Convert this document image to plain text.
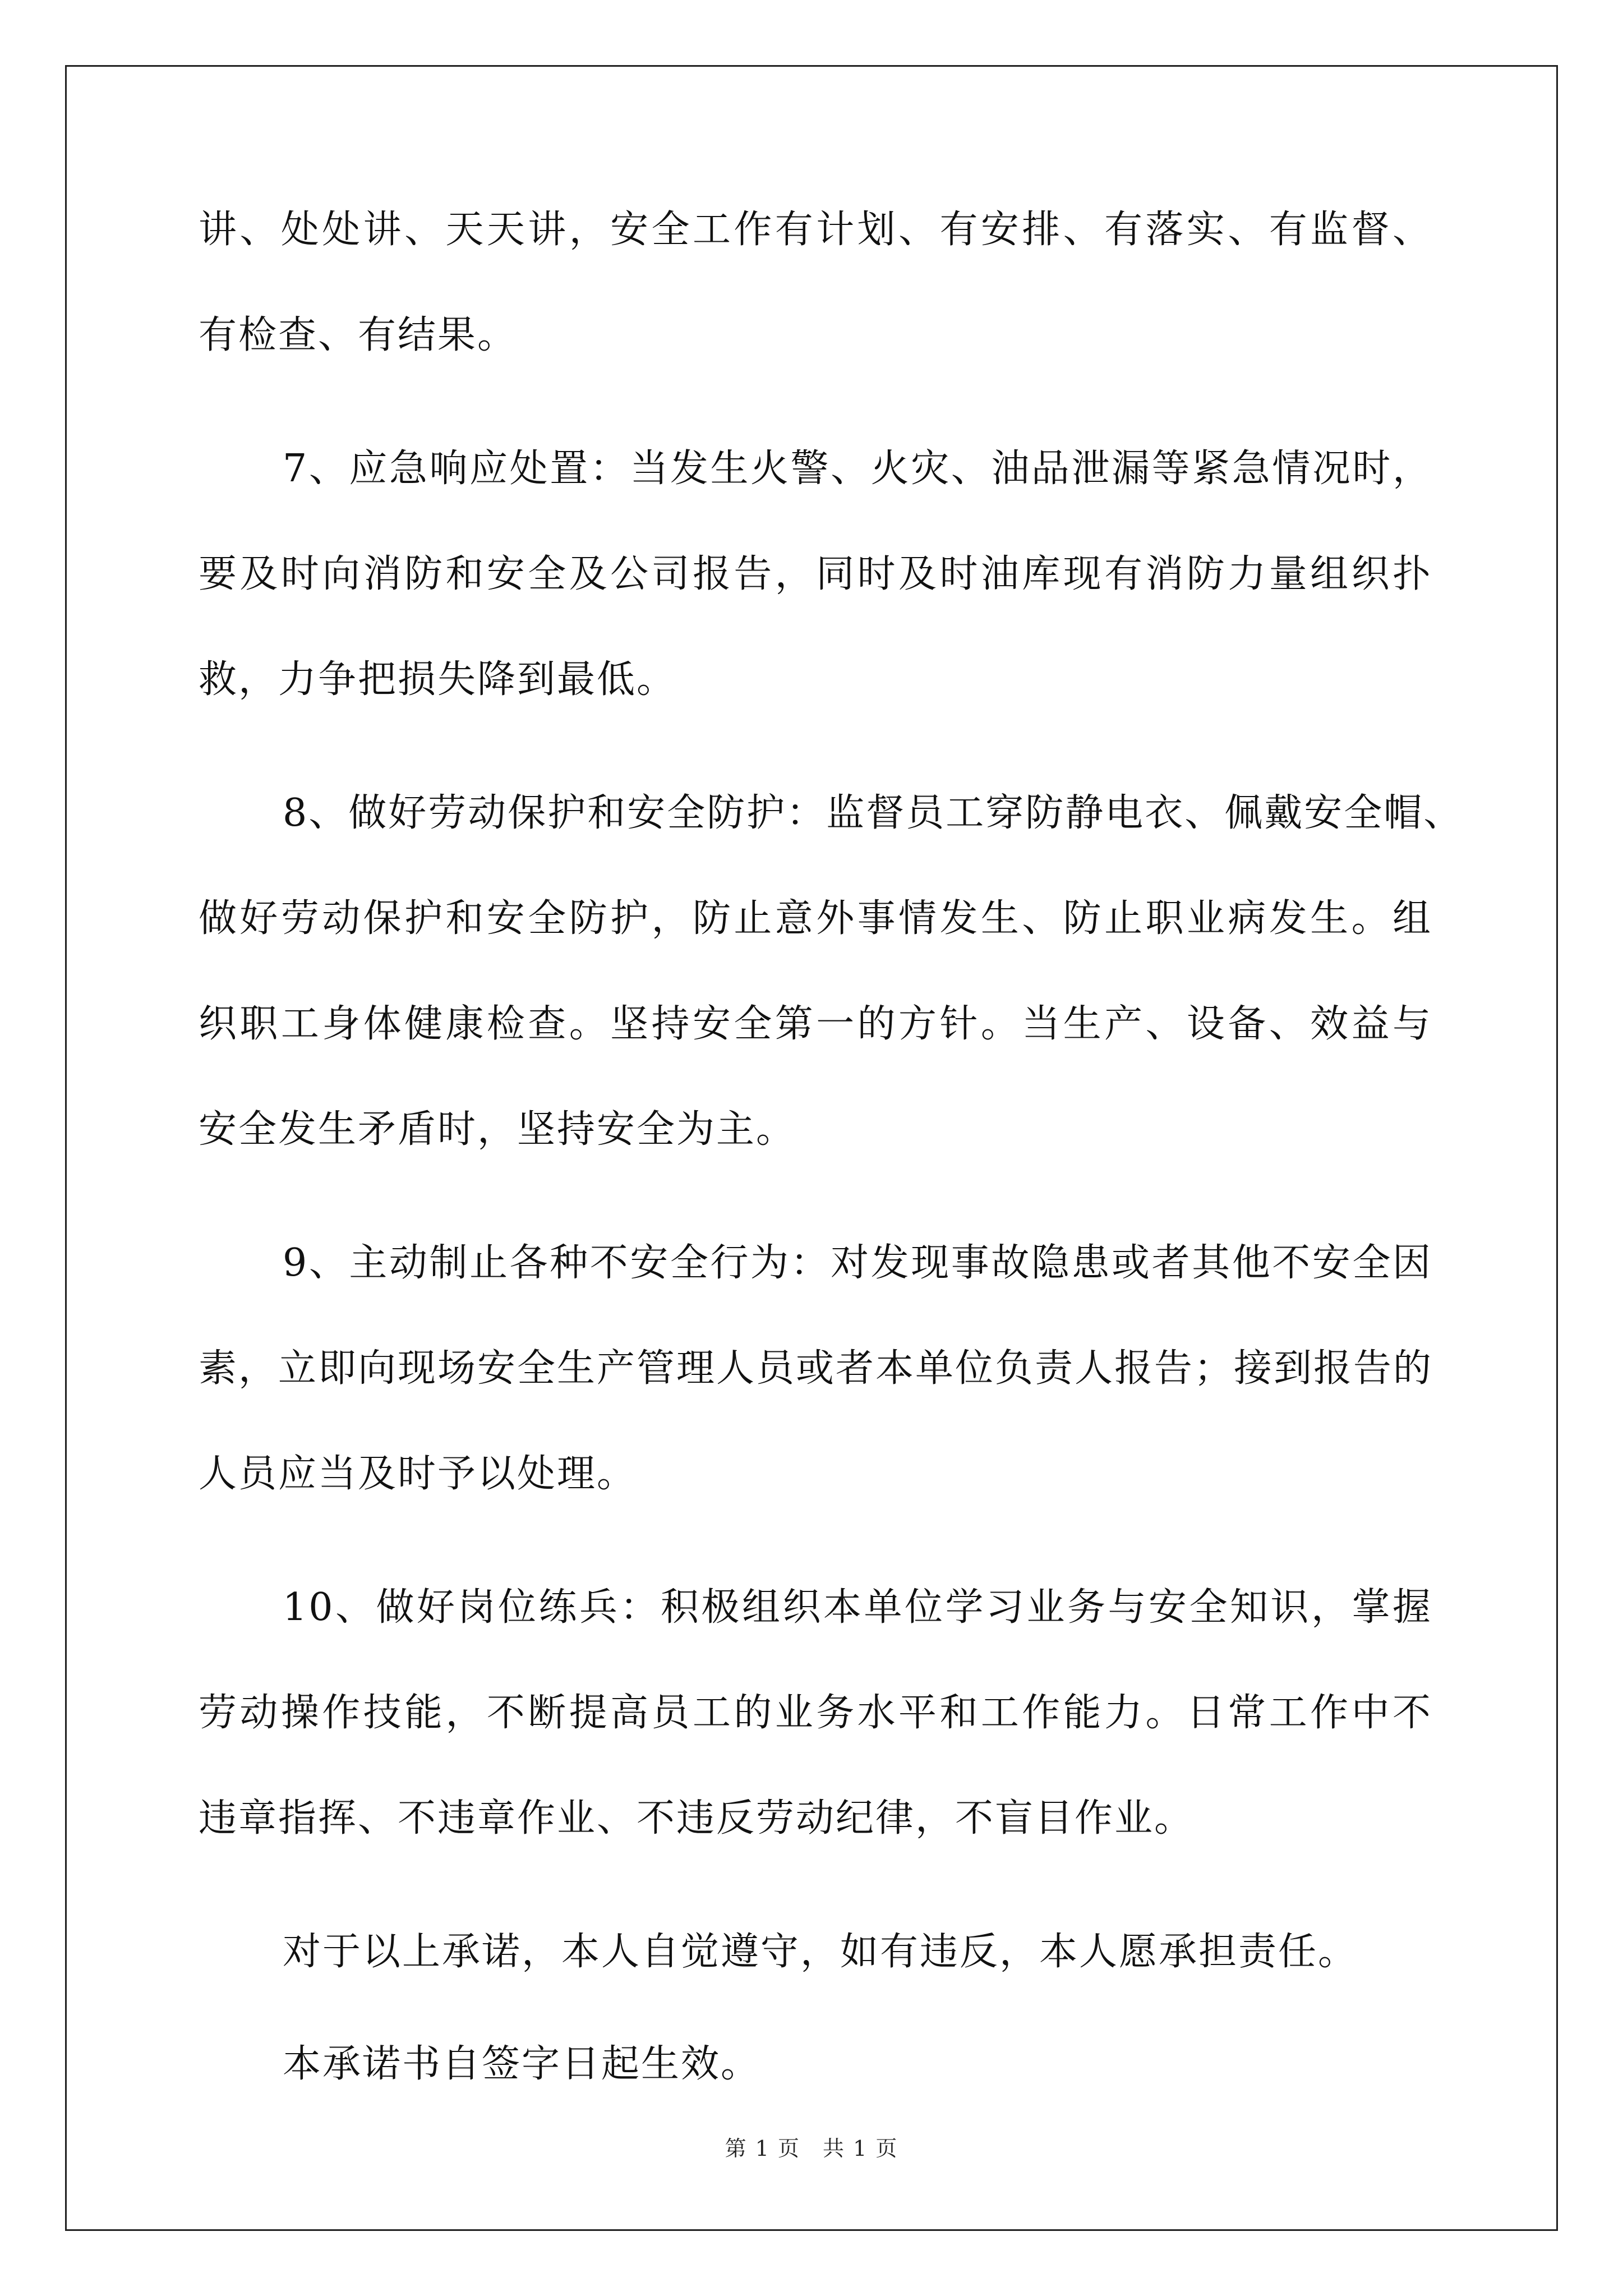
讲、处处讲、天天讲，安全工作有计划、有安排、有落实、有监督、
有检查、有结果。
7、应急响应处置：当发生火警、火灾、油品泄漏等紧急情况时，
要及时向消防和安全及公司报告，同时及时油库现有消防力量组织扑
救，力争把损失降到最低。
8、做好劳动保护和安全防护：监督员工穿防静电衣、佩戴安全帽、
做好劳动保护和安全防护，防止意外事情发生、防止职业病发生。组
织职工身体健康检查。坚持安全第一的方针。当生产、设备、效益与
安全发生矛盾时，坚持安全为主。
9、主动制止各种不安全行为：对发现事故隐患或者其他不安全因
素，立即向现场安全生产管理人员或者本单位负责人报告；接到报告的
人员应当及时予以处理。
10、做好岗位练兵：积极组织本单位学习业务与安全知识，掌握
劳动操作技能，不断提高员工的业务水平和工作能力。日常工作中不
违章指挥、不违章作业、不违反劳动纪律，不盲目作业。
对于以上承诺，本人自觉遵守，如有违反，本人愿承担责任。
本承诺书自签字日起生效。
第 1 页　共 1 页
